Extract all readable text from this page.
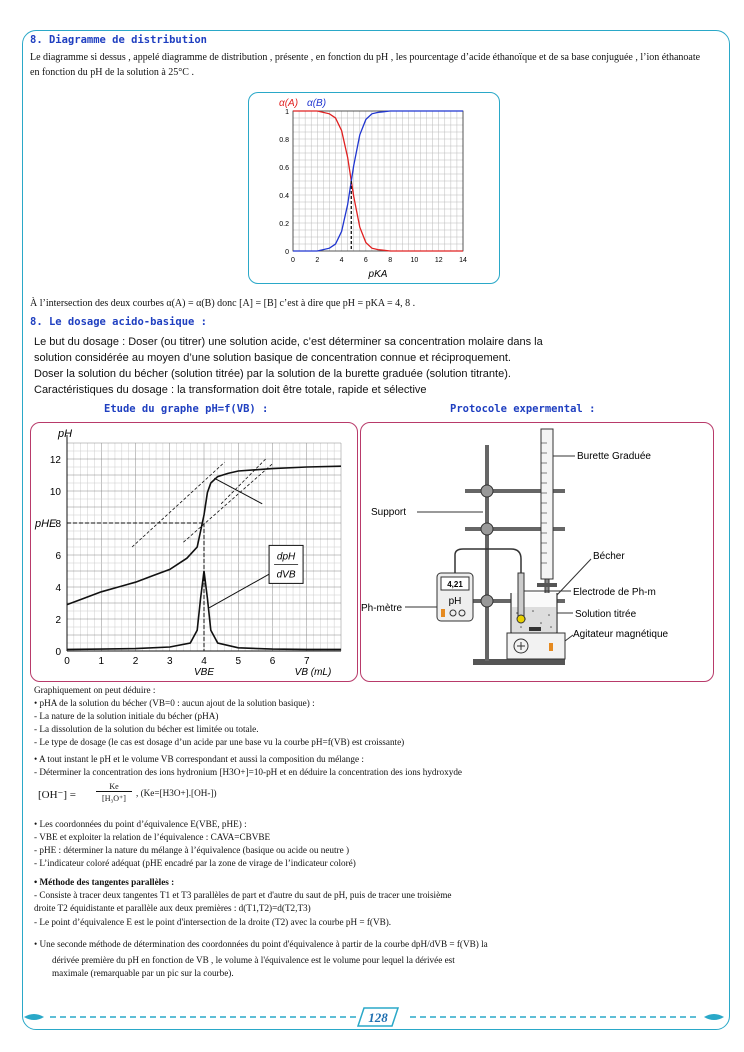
8. Diagramme de distribution
Le diagramme si dessus , appelé diagramme de distribution , présente , en fonction du pH , les pourcentage d’acide éthanoïque et de sa base conjuguée , l’ion éthanoate en fonction du pH de la solution à 25°C .
0	2	4	6	8	10 12 14
0
0.2
0.4
0.6
0.8
1
α(A) α(B)
pKA
À l’intersection des deux courbes α(A) = α(B) donc [A] = [B] c’est à dire que pH = pKA = 4, 8 .
8. Le dosage acido-basique :
Le but du dosage : Doser (ou titrer) une solution acide, c’est déterminer sa concentration molaire dans la
solution considérée au moyen d’une solution basique de concentration connue et réciproquement.
Doser la solution du bécher (solution titrée) par la solution de la burette graduée (solution titrante).
Caractéristiques du dosage : la transformation doit être totale, rapide et sélective
Etude du graphe pH=f(VB) :	Protocole expermental :
0	1	2	3	4	5	6	7
0
2
4
6
8
10
12
pH
VB (mL)
pHE
VBE
dpH
dVB
4,21
pH
Burette Graduée
Support
Bécher
Electrode de Ph-m
Ph-mètre
Solution titrée
Agitateur magnétique
Graphiquement on peut déduire :
• pHA de la solution du bécher (VB=0 : aucun ajout de la solution basique) :
- La nature de la solution initiale du bécher (pHA)
- La dissolution de la solution du bécher est limitée ou totale.
- Le type de dosage (le cas est dosage d’un acide par une base vu la courbe pH=f(VB) est croissante)
• A tout instant le pH et le volume VB correspondant et aussi la composition du mélange :
- Déterminer la concentration des ions hydronium [H3O+]=10-pH et en déduire la concentration des ions hydroxyde
[OH⁻] =
Ke
[H₃O⁺]
, (Ke=[H3O+].[OH-])
• Les coordonnées du point d’équivalence E(VBE, pHE) :
- VBE et exploiter la relation de l’équivalence : CAVA=CBVBE
- pHE : déterminer la nature du mélange à l’équivalence (basique ou acide ou neutre )
- L’indicateur coloré adéquat (pHE encadré par la zone de virage de l’indicateur coloré)
• Méthode des tangentes parallèles :
- Consiste à tracer deux tangentes T1 et T3 parallèles de part et d'autre du saut de pH, puis de tracer une troisième
droite T2 équidistante et parallèle aux deux premières : d(T1,T2)=d(T2,T3)
- Le point d’équivalence E est le point d'intersection de la droite (T2) avec la courbe pH = f(VB).
• Une seconde méthode de détermination des coordonnées du point d'équivalence à partir de la courbe dpH/dVB = f(VB) la
dérivée première du pH en fonction de VB , le volume à l'équivalence est le volume pour lequel la dérivée est
maximale (remarquable par un pic sur la courbe).
128
